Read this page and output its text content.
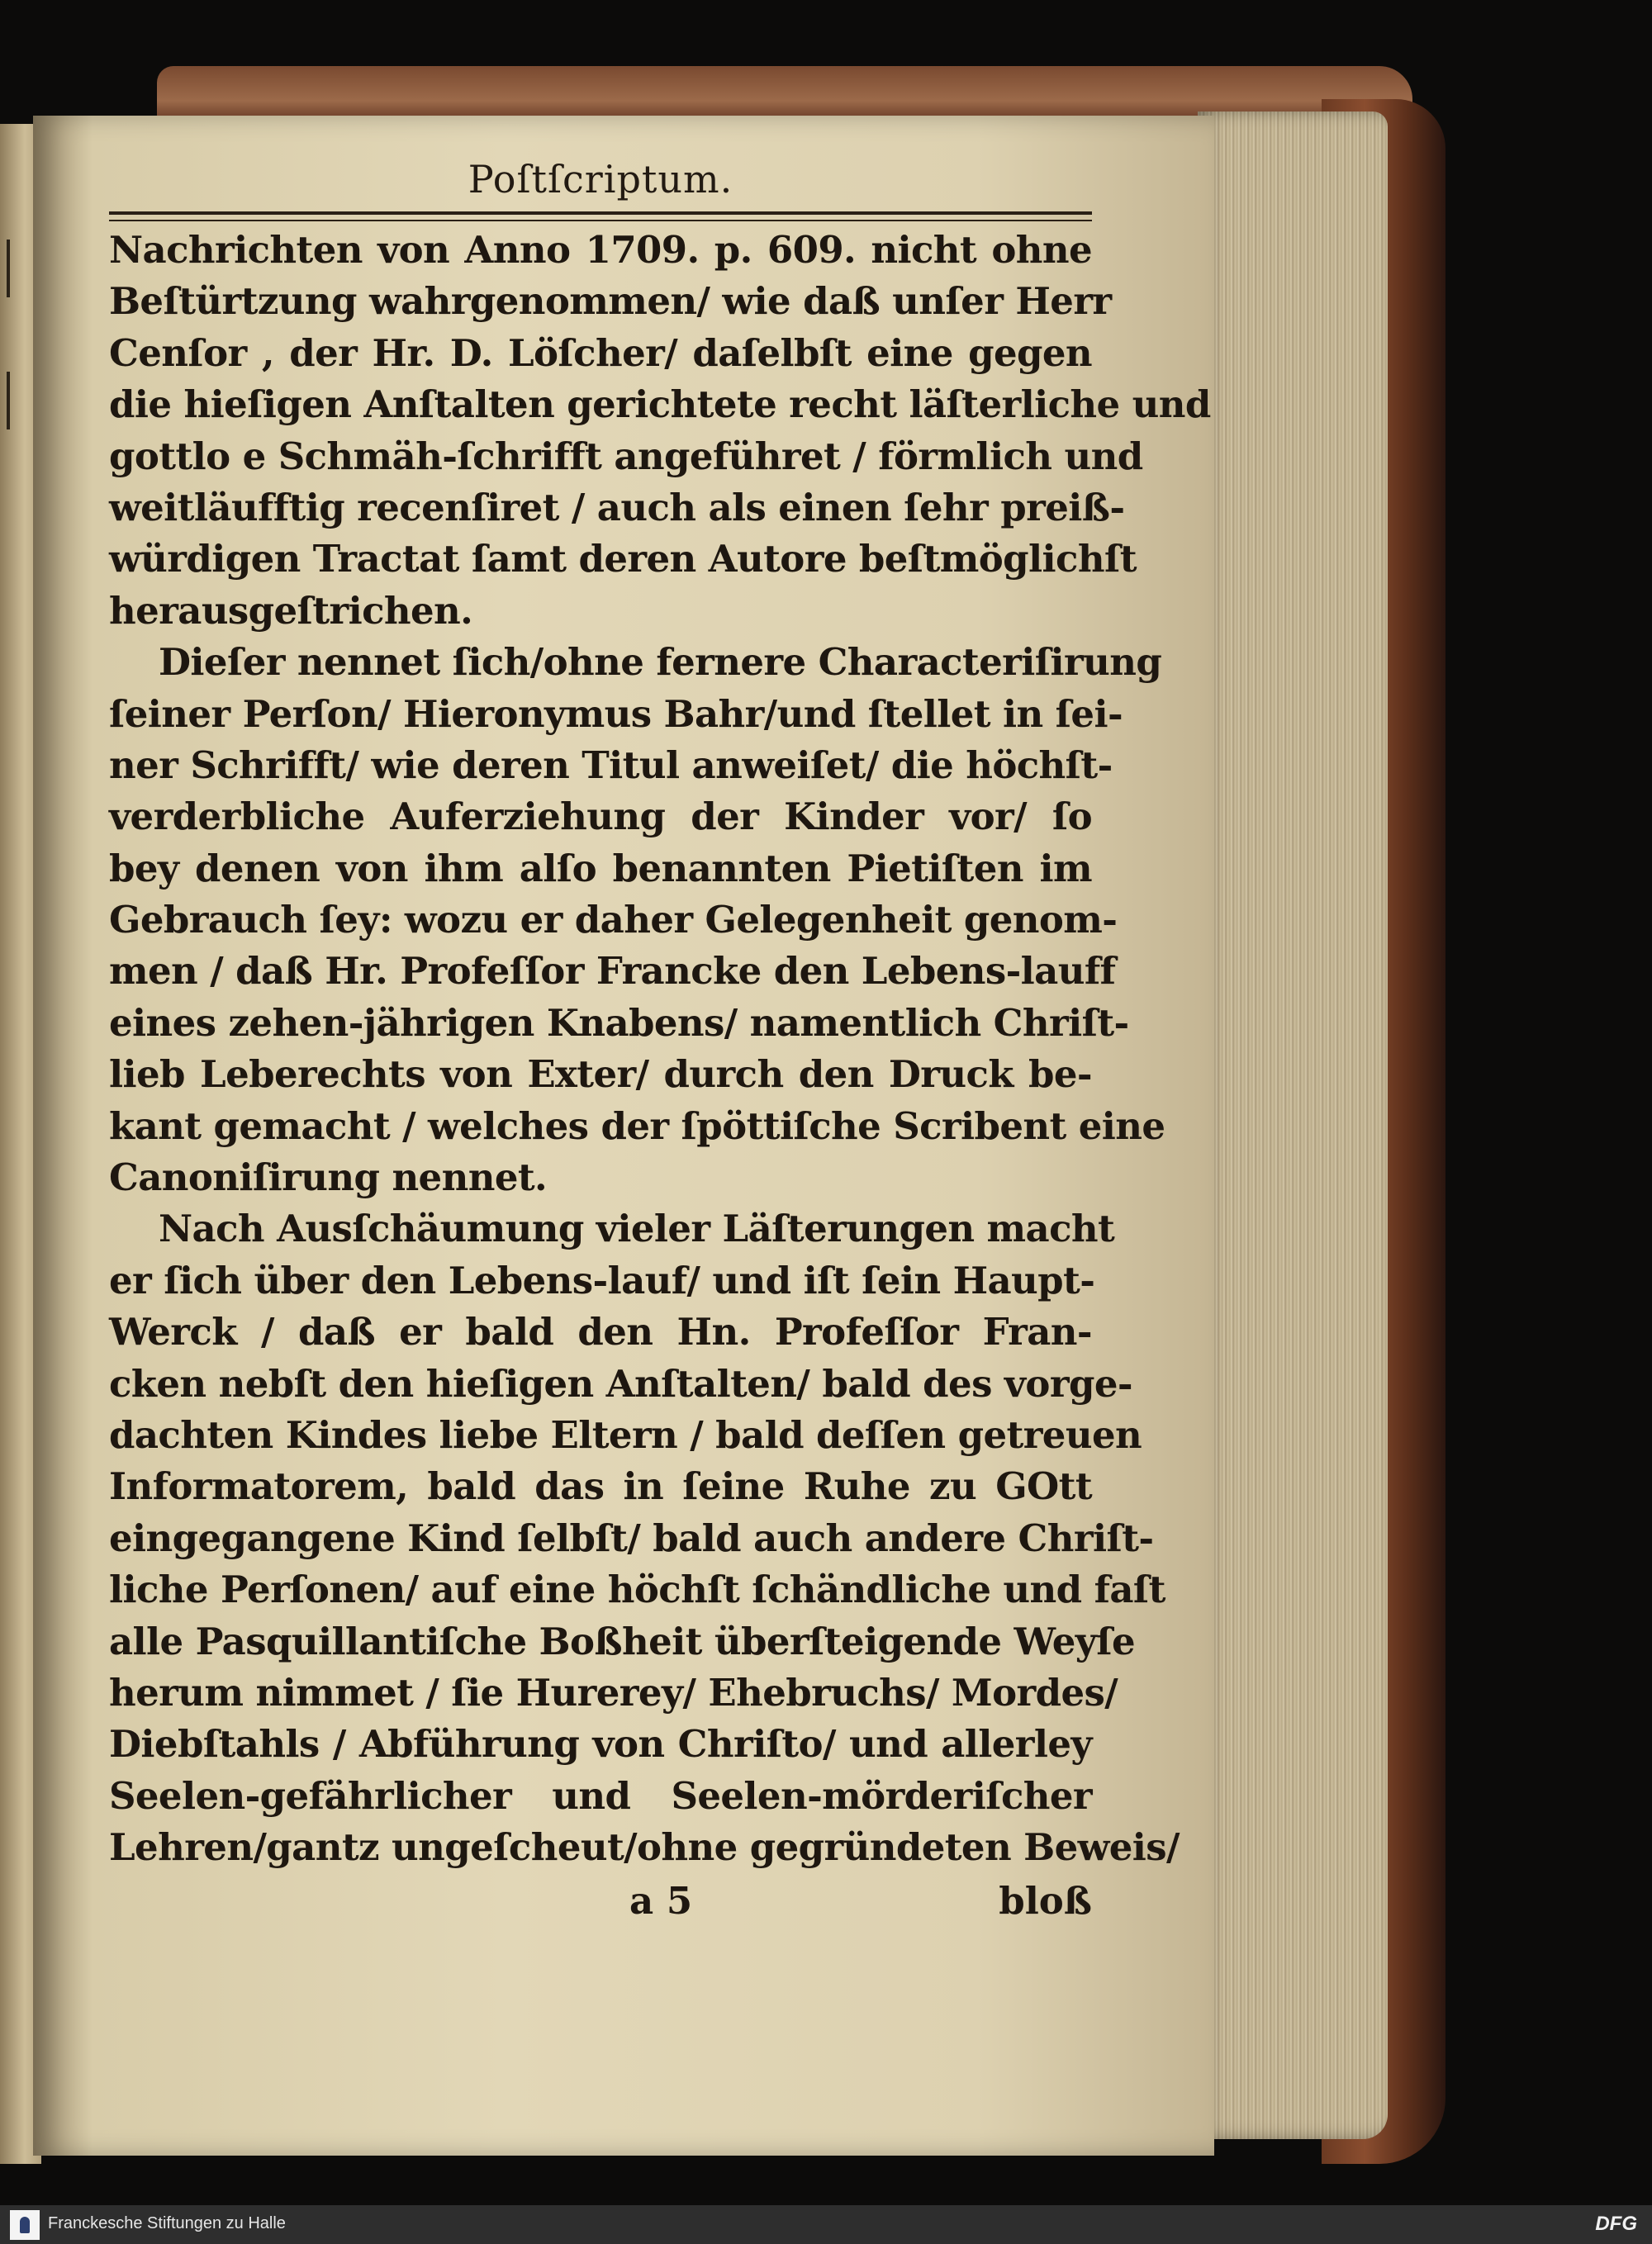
Poſtſcriptum.
Nachrichten von Anno 1709. p. 609. nicht ohne
Beſtürtzung wahrgenommen/ wie daß unſer Herr
Cenſor , der Hr. D. Löſcher/ daſelbſt eine gegen
die hieſigen Anſtalten gerichtete recht läſterliche und
gottlo e Schmäh-ſchrifft angeführet / förmlich und
weitläufftig recenſiret / auch als einen ſehr preiß-
würdigen Tractat ſamt deren Autore beſtmöglichſt
herausgeſtrichen.
Dieſer nennet ſich/ohne fernere Characteriſirung
ſeiner Perſon/ Hieronymus Bahr/und ſtellet in ſei-
ner Schrifft/ wie deren Titul anweiſet/ die höchſt-
verderbliche Auferziehung der Kinder vor/ ſo
bey denen von ihm alſo benannten Pietiſten im
Gebrauch ſey: wozu er daher Gelegenheit genom-
men / daß Hr. Profeſſor Francke den Lebens-lauff
eines zehen-jährigen Knabens/ namentlich Chriſt-
lieb Leberechts von Exter/ durch den Druck be-
kant gemacht / welches der ſpöttiſche Scribent eine
Canoniſirung nennet.
Nach Ausſchäumung vieler Läſterungen macht
er ſich über den Lebens-lauf/ und iſt ſein Haupt-
Werck / daß er bald den Hn. Profeſſor Fran-
cken nebſt den hieſigen Anſtalten/ bald des vorge-
dachten Kindes liebe Eltern / bald deſſen getreuen
Informatorem, bald das in ſeine Ruhe zu GOtt
eingegangene Kind ſelbſt/ bald auch andere Chriſt-
liche Perſonen/ auf eine höchſt ſchändliche und faſt
alle Pasquillantiſche Boßheit überſteigende Weyſe
herum nimmet / ſie Hurerey/ Ehebruchs/ Mordes/
Diebſtahls / Abführung von Chriſto/ und allerley
Seelen-gefährlicher und Seelen-mörderiſcher
Lehren/gantz ungeſcheut/ohne gegründeten Beweis/
a 5	bloß
Franckesche Stiftungen zu Halle	DFG
